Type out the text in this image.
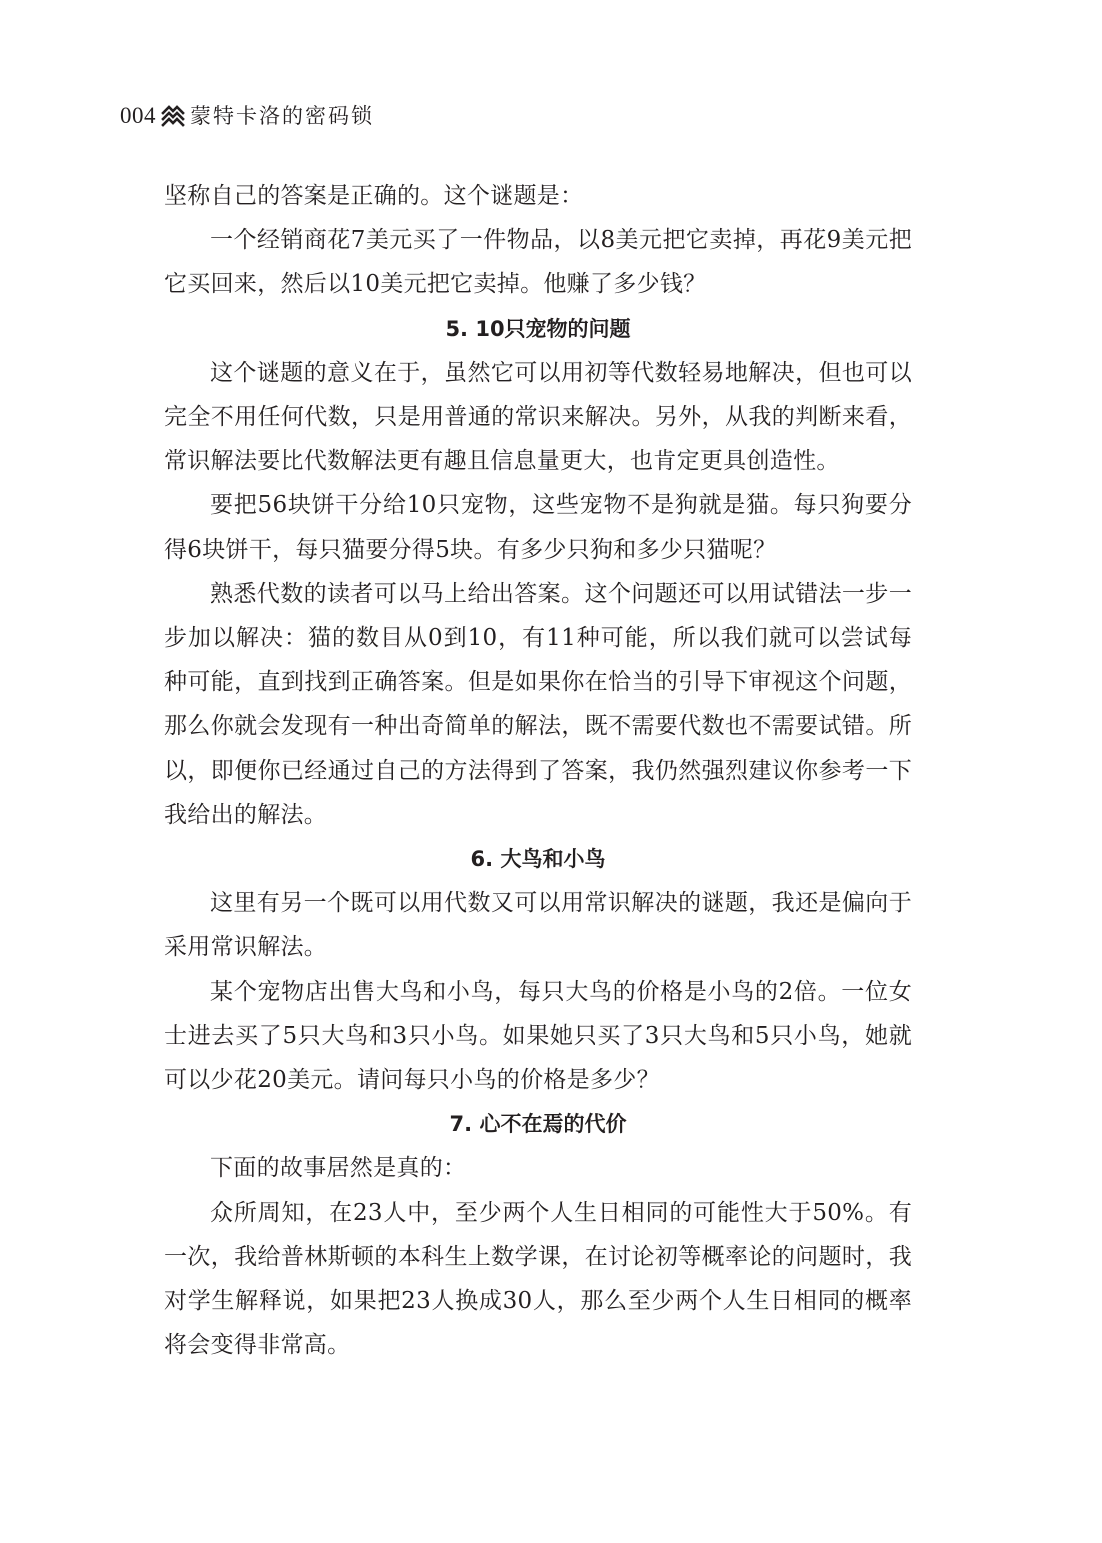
004 蒙特卡洛的密码锁

坚称自己的答案是正确的。这个谜题是：

一个经销商花7美元买了一件物品，以8美元把它卖掉，再花9美元把它买回来，然后以10美元把它卖掉。他赚了多少钱？

5. 10只宠物的问题

这个谜题的意义在于，虽然它可以用初等代数轻易地解决，但也可以完全不用任何代数，只是用普通的常识来解决。另外，从我的判断来看，常识解法要比代数解法更有趣且信息量更大，也肯定更具创造性。

要把56块饼干分给10只宠物，这些宠物不是狗就是猫。每只狗要分得6块饼干，每只猫要分得5块。有多少只狗和多少只猫呢？

熟悉代数的读者可以马上给出答案。这个问题还可以用试错法一步一步加以解决：猫的数目从0到10，有11种可能，所以我们就可以尝试每种可能，直到找到正确答案。但是如果你在恰当的引导下审视这个问题，那么你就会发现有一种出奇简单的解法，既不需要代数也不需要试错。所以，即便你已经通过自己的方法得到了答案，我仍然强烈建议你参考一下我给出的解法。

6. 大鸟和小鸟

这里有另一个既可以用代数又可以用常识解决的谜题，我还是偏向于采用常识解法。

某个宠物店出售大鸟和小鸟，每只大鸟的价格是小鸟的2倍。一位女士进去买了5只大鸟和3只小鸟。如果她只买了3只大鸟和5只小鸟，她就可以少花20美元。请问每只小鸟的价格是多少？

7. 心不在焉的代价

下面的故事居然是真的：

众所周知，在23人中，至少两个人生日相同的可能性大于50%。有一次，我给普林斯顿的本科生上数学课，在讨论初等概率论的问题时，我对学生解释说，如果把23人换成30人，那么至少两个人生日相同的概率将会变得非常高。
